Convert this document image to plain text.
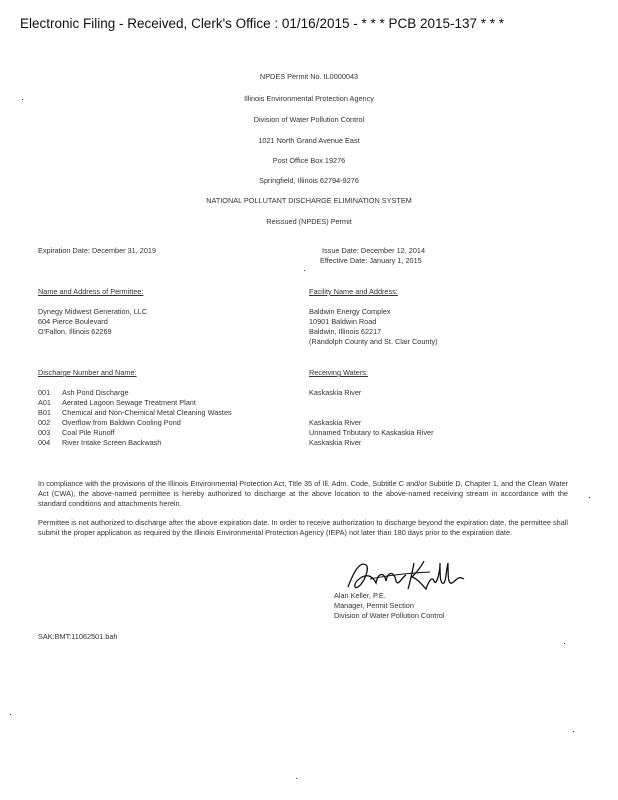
Electronic Filing - Received, Clerk's Office : 01/16/2015 - * * * PCB 2015-137 * * *
NPDES Permit No. IL0000043
Illinois Environmental Protection Agency
Division of Water Pollution Control
1021 North Grand Avenue East
Post Office Box 19276
Springfield, Illinois 62794-9276
NATIONAL POLLUTANT DISCHARGE ELIMINATION SYSTEM
Reissued (NPDES) Permit
Expiration Date: December 31, 2019	Issue Date: December 12, 2014
Effective Date: January 1, 2015
Name and Address of Permittee:
Dynegy Midwest Generation, LLC
604 Pierce Boulevard
O'Fallon, Illinois 62269
Facility Name and Address:
Baldwin Energy Complex
10901 Baldwin Road
Baldwin, Illinois 62217
(Randolph County and St. Clair County)
Discharge Number and Name:	Receiving Waters:
001 Ash Pond Discharge	Kaskaskia River
A01 Aerated Lagoon Sewage Treatment Plant
B01 Chemical and Non-Chemical Metal Cleaning Wastes
002 Overflow from Baldwin Cooling Pond	Kaskaskia River
003 Coal Pile Runoff	Unnamed Tributary to Kaskaskia River
004 River Intake Screen Backwash	Kaskaskia River
In compliance with the provisions of the Illinois Environmental Protection Act, Title 35 of Ill. Adm. Code, Subtitle C and/or Subtitle D, Chapter 1, and the Clean Water Act (CWA), the above-named permittee is hereby authorized to discharge at the above location to the above-named receiving stream in accordance with the standard conditions and attachments herein.
Permittee is not authorized to discharge after the above expiration date. In order to receive authorization to discharge beyond the expiration date, the permittee shall submit the proper application as required by the Illinois Environmental Protection Agency (IEPA) not later than 180 days prior to the expiration date.
Alan Keller, P.E.
Manager, Permit Section
Division of Water Pollution Control
SAK:BMT:11062501.bah
